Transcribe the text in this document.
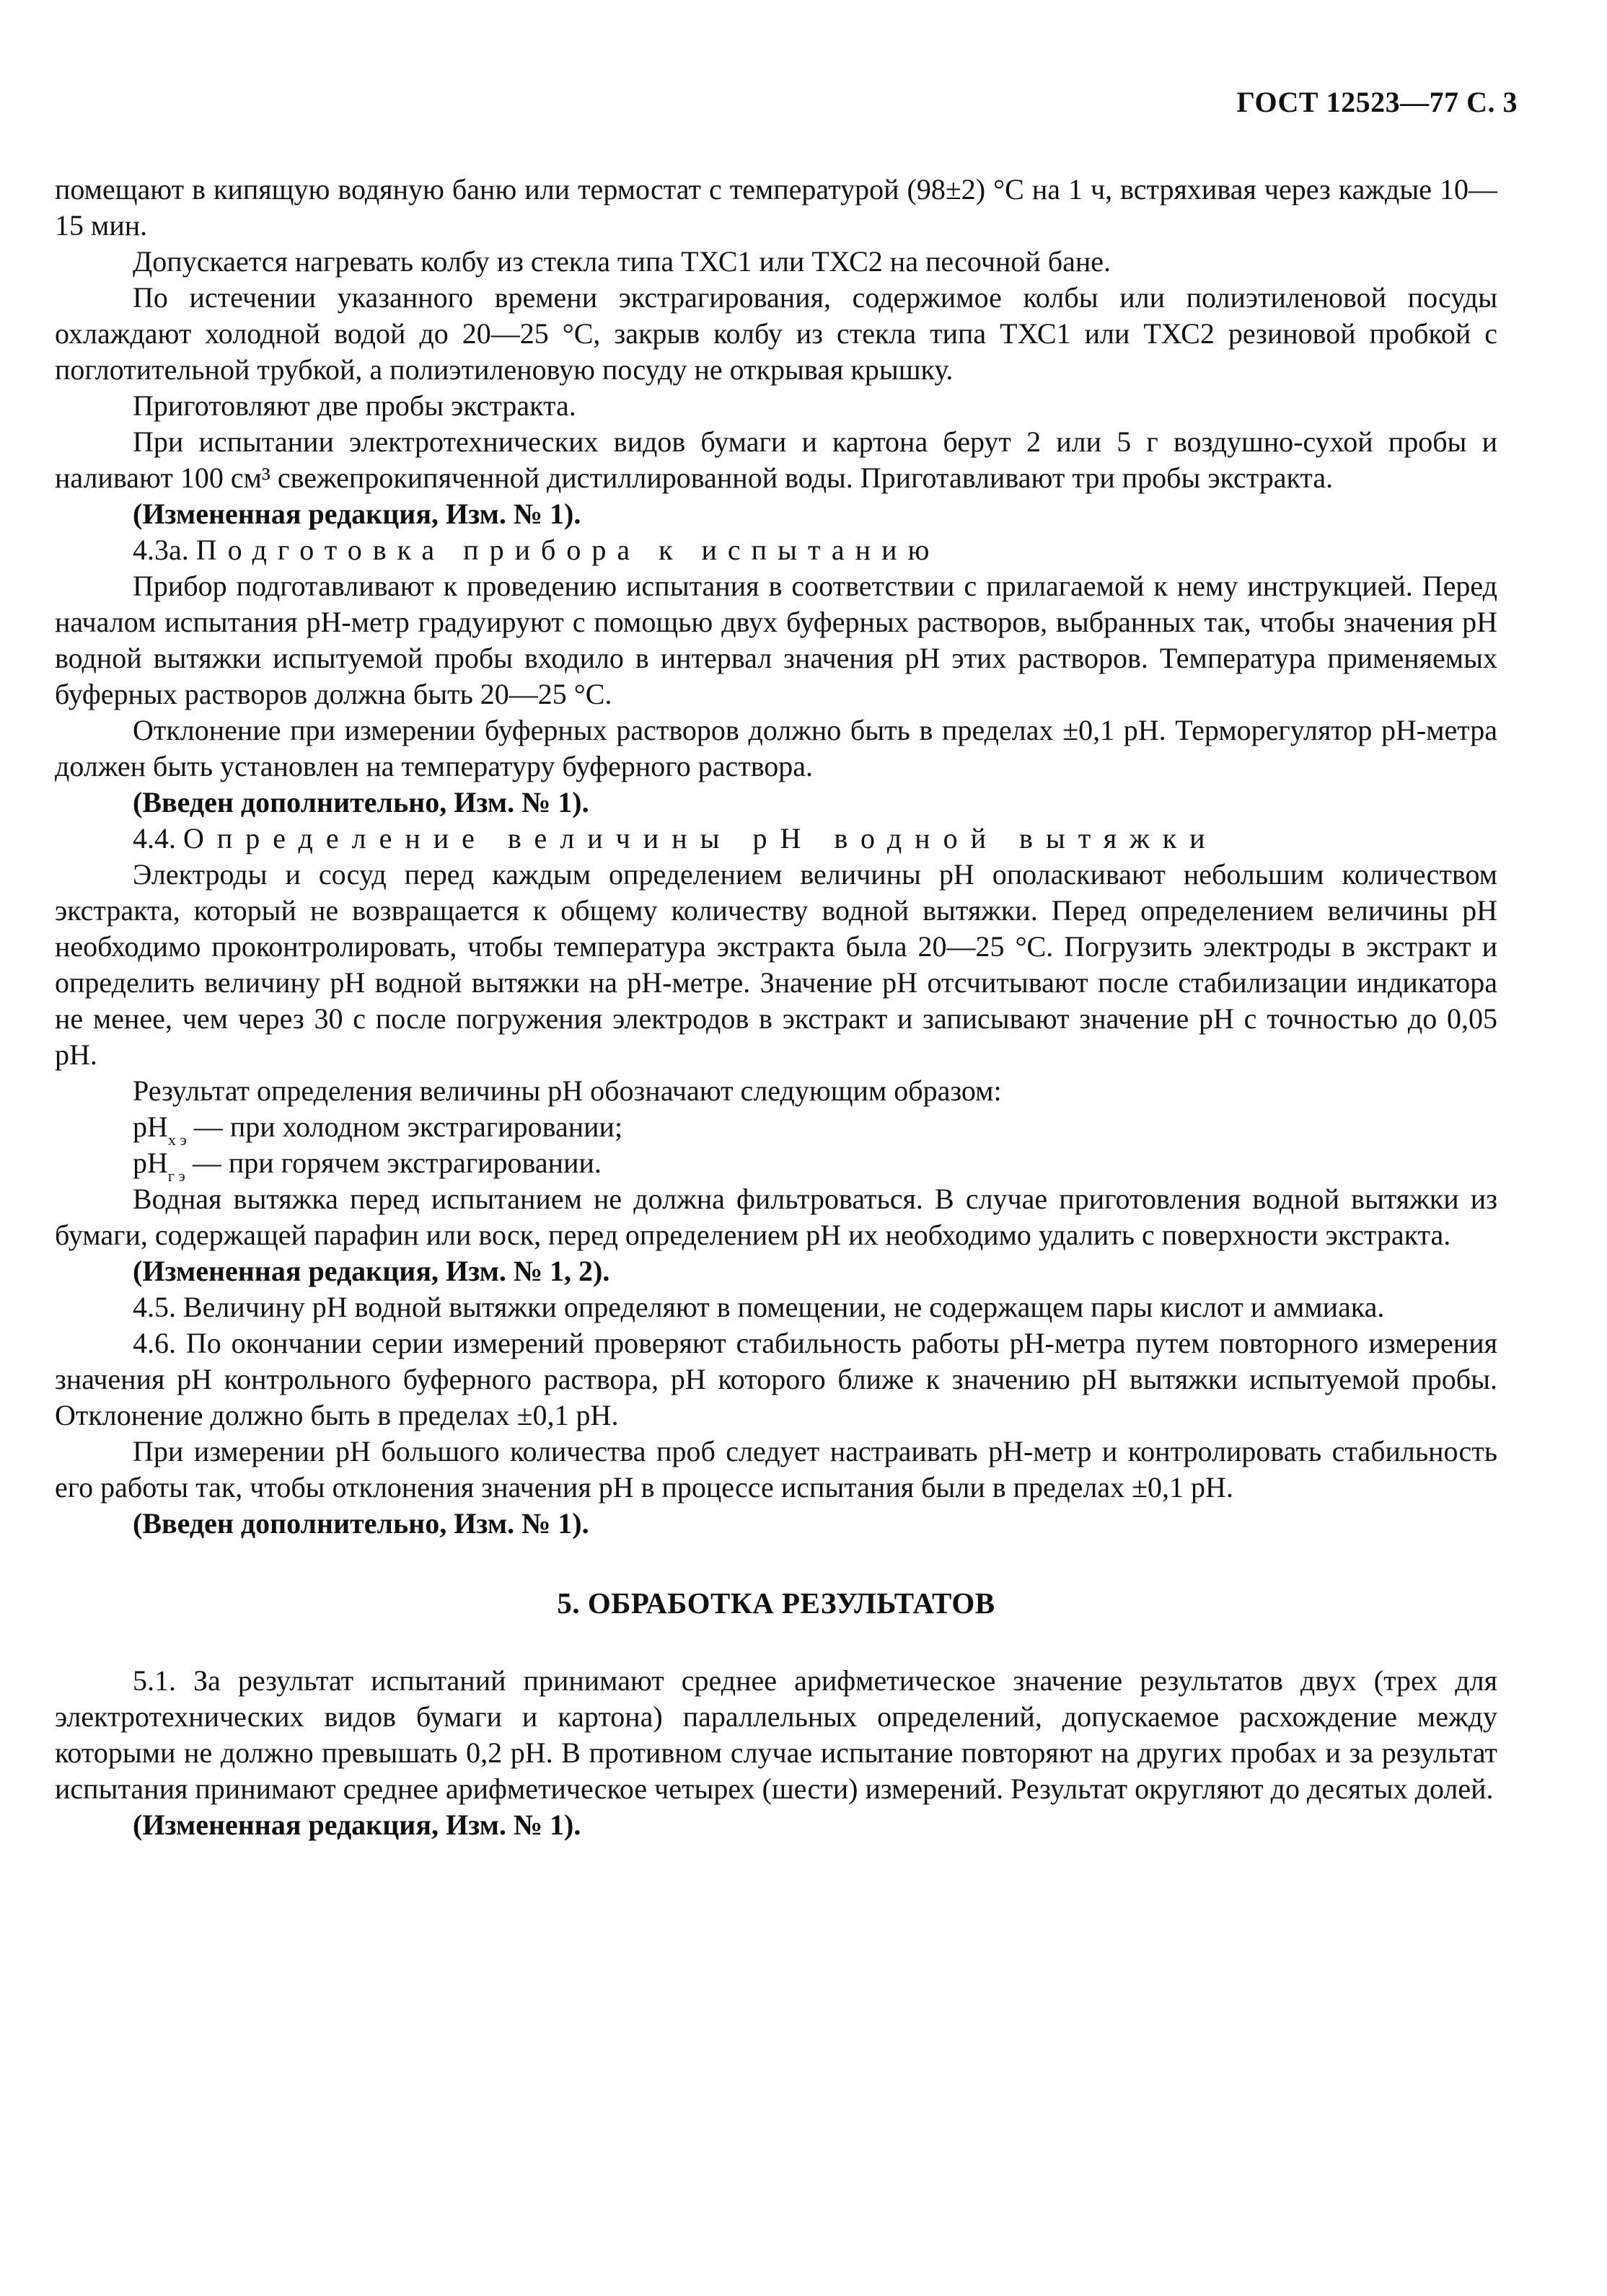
ГОСТ 12523—77 С. 3

помещают в кипящую водяную баню или термостат с температурой (98±2) °С на 1 ч, встряхивая через каждые 10—15 мин.

Допускается нагревать колбу из стекла типа ТХС1 или ТХС2 на песочной бане.

По истечении указанного времени экстрагирования, содержимое колбы или полиэтиленовой посуды охлаждают холодной водой до 20—25 °С, закрыв колбу из стекла типа ТХС1 или ТХС2 резиновой пробкой с поглотительной трубкой, а полиэтиленовую посуду не открывая крышку.

Приготовляют две пробы экстракта.

При испытании электротехнических видов бумаги и картона берут 2 или 5 г воздушно-сухой пробы и наливают 100 см³ свежепрокипяченной дистиллированной воды. Приготавливают три пробы экстракта.

(Измененная редакция, Изм. № 1).

4.3а. Подготовка прибора к испытанию

Прибор подготавливают к проведению испытания в соответствии с прилагаемой к нему инструкцией. Перед началом испытания pH-метр градуируют с помощью двух буферных растворов, выбранных так, чтобы значения pH водной вытяжки испытуемой пробы входило в интервал значения pH этих растворов. Температура применяемых буферных растворов должна быть 20—25 °С.

Отклонение при измерении буферных растворов должно быть в пределах ±0,1 pH. Терморегулятор pH-метра должен быть установлен на температуру буферного раствора.

(Введен дополнительно, Изм. № 1).

4.4. Определение величины pH водной вытяжки

Электроды и сосуд перед каждым определением величины pH ополаскивают небольшим количеством экстракта, который не возвращается к общему количеству водной вытяжки. Перед определением величины pH необходимо проконтролировать, чтобы температура экстракта была 20—25 °С. Погрузить электроды в экстракт и определить величину pH водной вытяжки на pH-метре. Значение pH отсчитывают после стабилизации индикатора не менее, чем через 30 с после погружения электродов в экстракт и записывают значение pH с точностью до 0,05 pH.

Результат определения величины pH обозначают следующим образом:

$pH_{х э}$ — при холодном экстрагировании;

$pH_{г э}$ — при горячем экстрагировании.

Водная вытяжка перед испытанием не должна фильтроваться. В случае приготовления водной вытяжки из бумаги, содержащей парафин или воск, перед определением pH их необходимо удалить с поверхности экстракта.

(Измененная редакция, Изм. № 1, 2).

4.5. Величину pH водной вытяжки определяют в помещении, не содержащем пары кислот и аммиака.

4.6. По окончании серии измерений проверяют стабильность работы pH-метра путем повторного измерения значения pH контрольного буферного раствора, pH которого ближе к значению pH вытяжки испытуемой пробы. Отклонение должно быть в пределах ±0,1 pH.

При измерении pH большого количества проб следует настраивать pH-метр и контролировать стабильность его работы так, чтобы отклонения значения pH в процессе испытания были в пределах ±0,1 pH.

(Введен дополнительно, Изм. № 1).

5. ОБРАБОТКА РЕЗУЛЬТАТОВ

5.1. За результат испытаний принимают среднее арифметическое значение результатов двух (трех для электротехнических видов бумаги и картона) параллельных определений, допускаемое расхождение между которыми не должно превышать 0,2 pH. В противном случае испытание повторяют на других пробах и за результат испытания принимают среднее арифметическое четырех (шести) измерений. Результат округляют до десятых долей.

(Измененная редакция, Изм. № 1).
